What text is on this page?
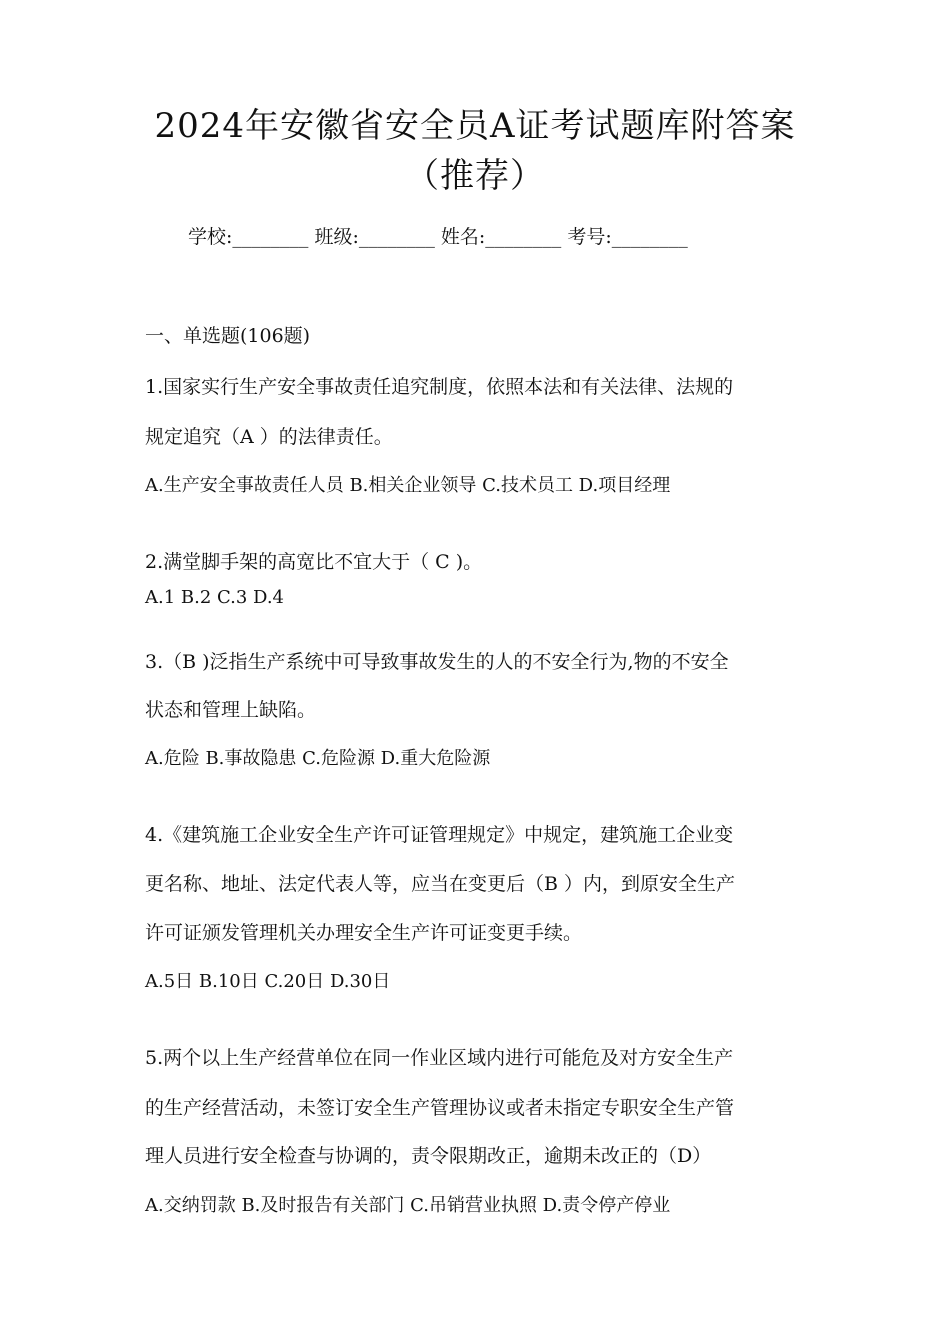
2024年安徽省安全员A证考试题库附答案
（推荐）
学校:________ 班级:________ 姓名:________ 考号:________
一、单选题(106题)
1.国家实行生产安全事故责任追究制度，依照本法和有关法律、法规的
规定追究（A ）的法律责任。
A.生产安全事故责任人员 B.相关企业领导 C.技术员工 D.项目经理
2.满堂脚手架的高宽比不宜大于（ C )。
A.1 B.2 C.3 D.4
3.（B )泛指生产系统中可导致事故发生的人的不安全行为,物的不安全
状态和管理上缺陷。
A.危险 B.事故隐患 C.危险源 D.重大危险源
4.《建筑施工企业安全生产许可证管理规定》中规定，建筑施工企业变
更名称、地址、法定代表人等，应当在变更后（B ）内，到原安全生产
许可证颁发管理机关办理安全生产许可证变更手续。
A.5日 B.10日 C.20日 D.30日
5.两个以上生产经营单位在同一作业区域内进行可能危及对方安全生产
的生产经营活动，未签订安全生产管理协议或者未指定专职安全生产管
理人员进行安全检查与协调的，责令限期改正，逾期未改正的（D）
A.交纳罚款 B.及时报告有关部门 C.吊销营业执照 D.责令停产停业
